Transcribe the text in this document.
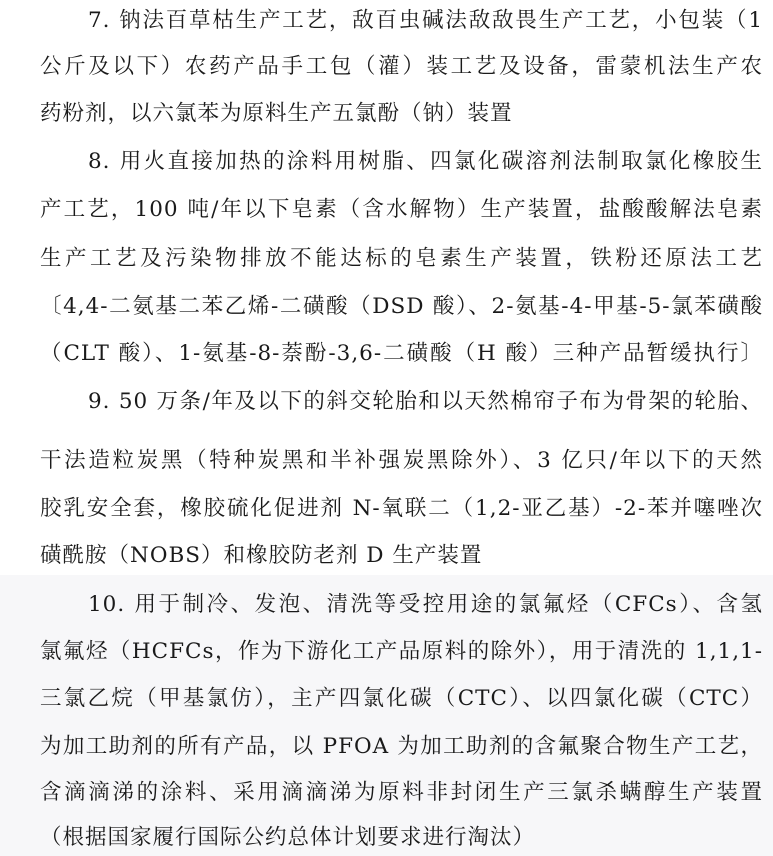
7. 钠法百草枯生产工艺，敌百虫碱法敌敌畏生产工艺，小包装（1

公斤及以下）农药产品手工包（灌）装工艺及设备，雷蒙机法生产农

药粉剂，以六氯苯为原料生产五氯酚（钠）装置

8. 用火直接加热的涂料用树脂、四氯化碳溶剂法制取氯化橡胶生

产工艺，100 吨/年以下皂素（含水解物）生产装置，盐酸酸解法皂素

生产工艺及污染物排放不能达标的皂素生产装置，铁粉还原法工艺

〔4,4-二氨基二苯乙烯-二磺酸（DSD 酸）、2-氨基-4-甲基-5-氯苯磺酸

（CLT 酸）、1-氨基-8-萘酚-3,6-二磺酸（H 酸）三种产品暂缓执行〕

9. 50 万条/年及以下的斜交轮胎和以天然棉帘子布为骨架的轮胎、

干法造粒炭黑（特种炭黑和半补强炭黑除外）、3 亿只/年以下的天然

胶乳安全套，橡胶硫化促进剂 N-氧联二（1,2-亚乙基）-2-苯并噻唑次

磺酰胺（NOBS）和橡胶防老剂 D 生产装置

10. 用于制冷、发泡、清洗等受控用途的氯氟烃（CFCs）、含氢

氯氟烃（HCFCs，作为下游化工产品原料的除外），用于清洗的 1,1,1-

三氯乙烷（甲基氯仿），主产四氯化碳（CTC）、以四氯化碳（CTC）

为加工助剂的所有产品，以 PFOA 为加工助剂的含氟聚合物生产工艺，

含滴滴涕的涂料、采用滴滴涕为原料非封闭生产三氯杀螨醇生产装置

（根据国家履行国际公约总体计划要求进行淘汰）
